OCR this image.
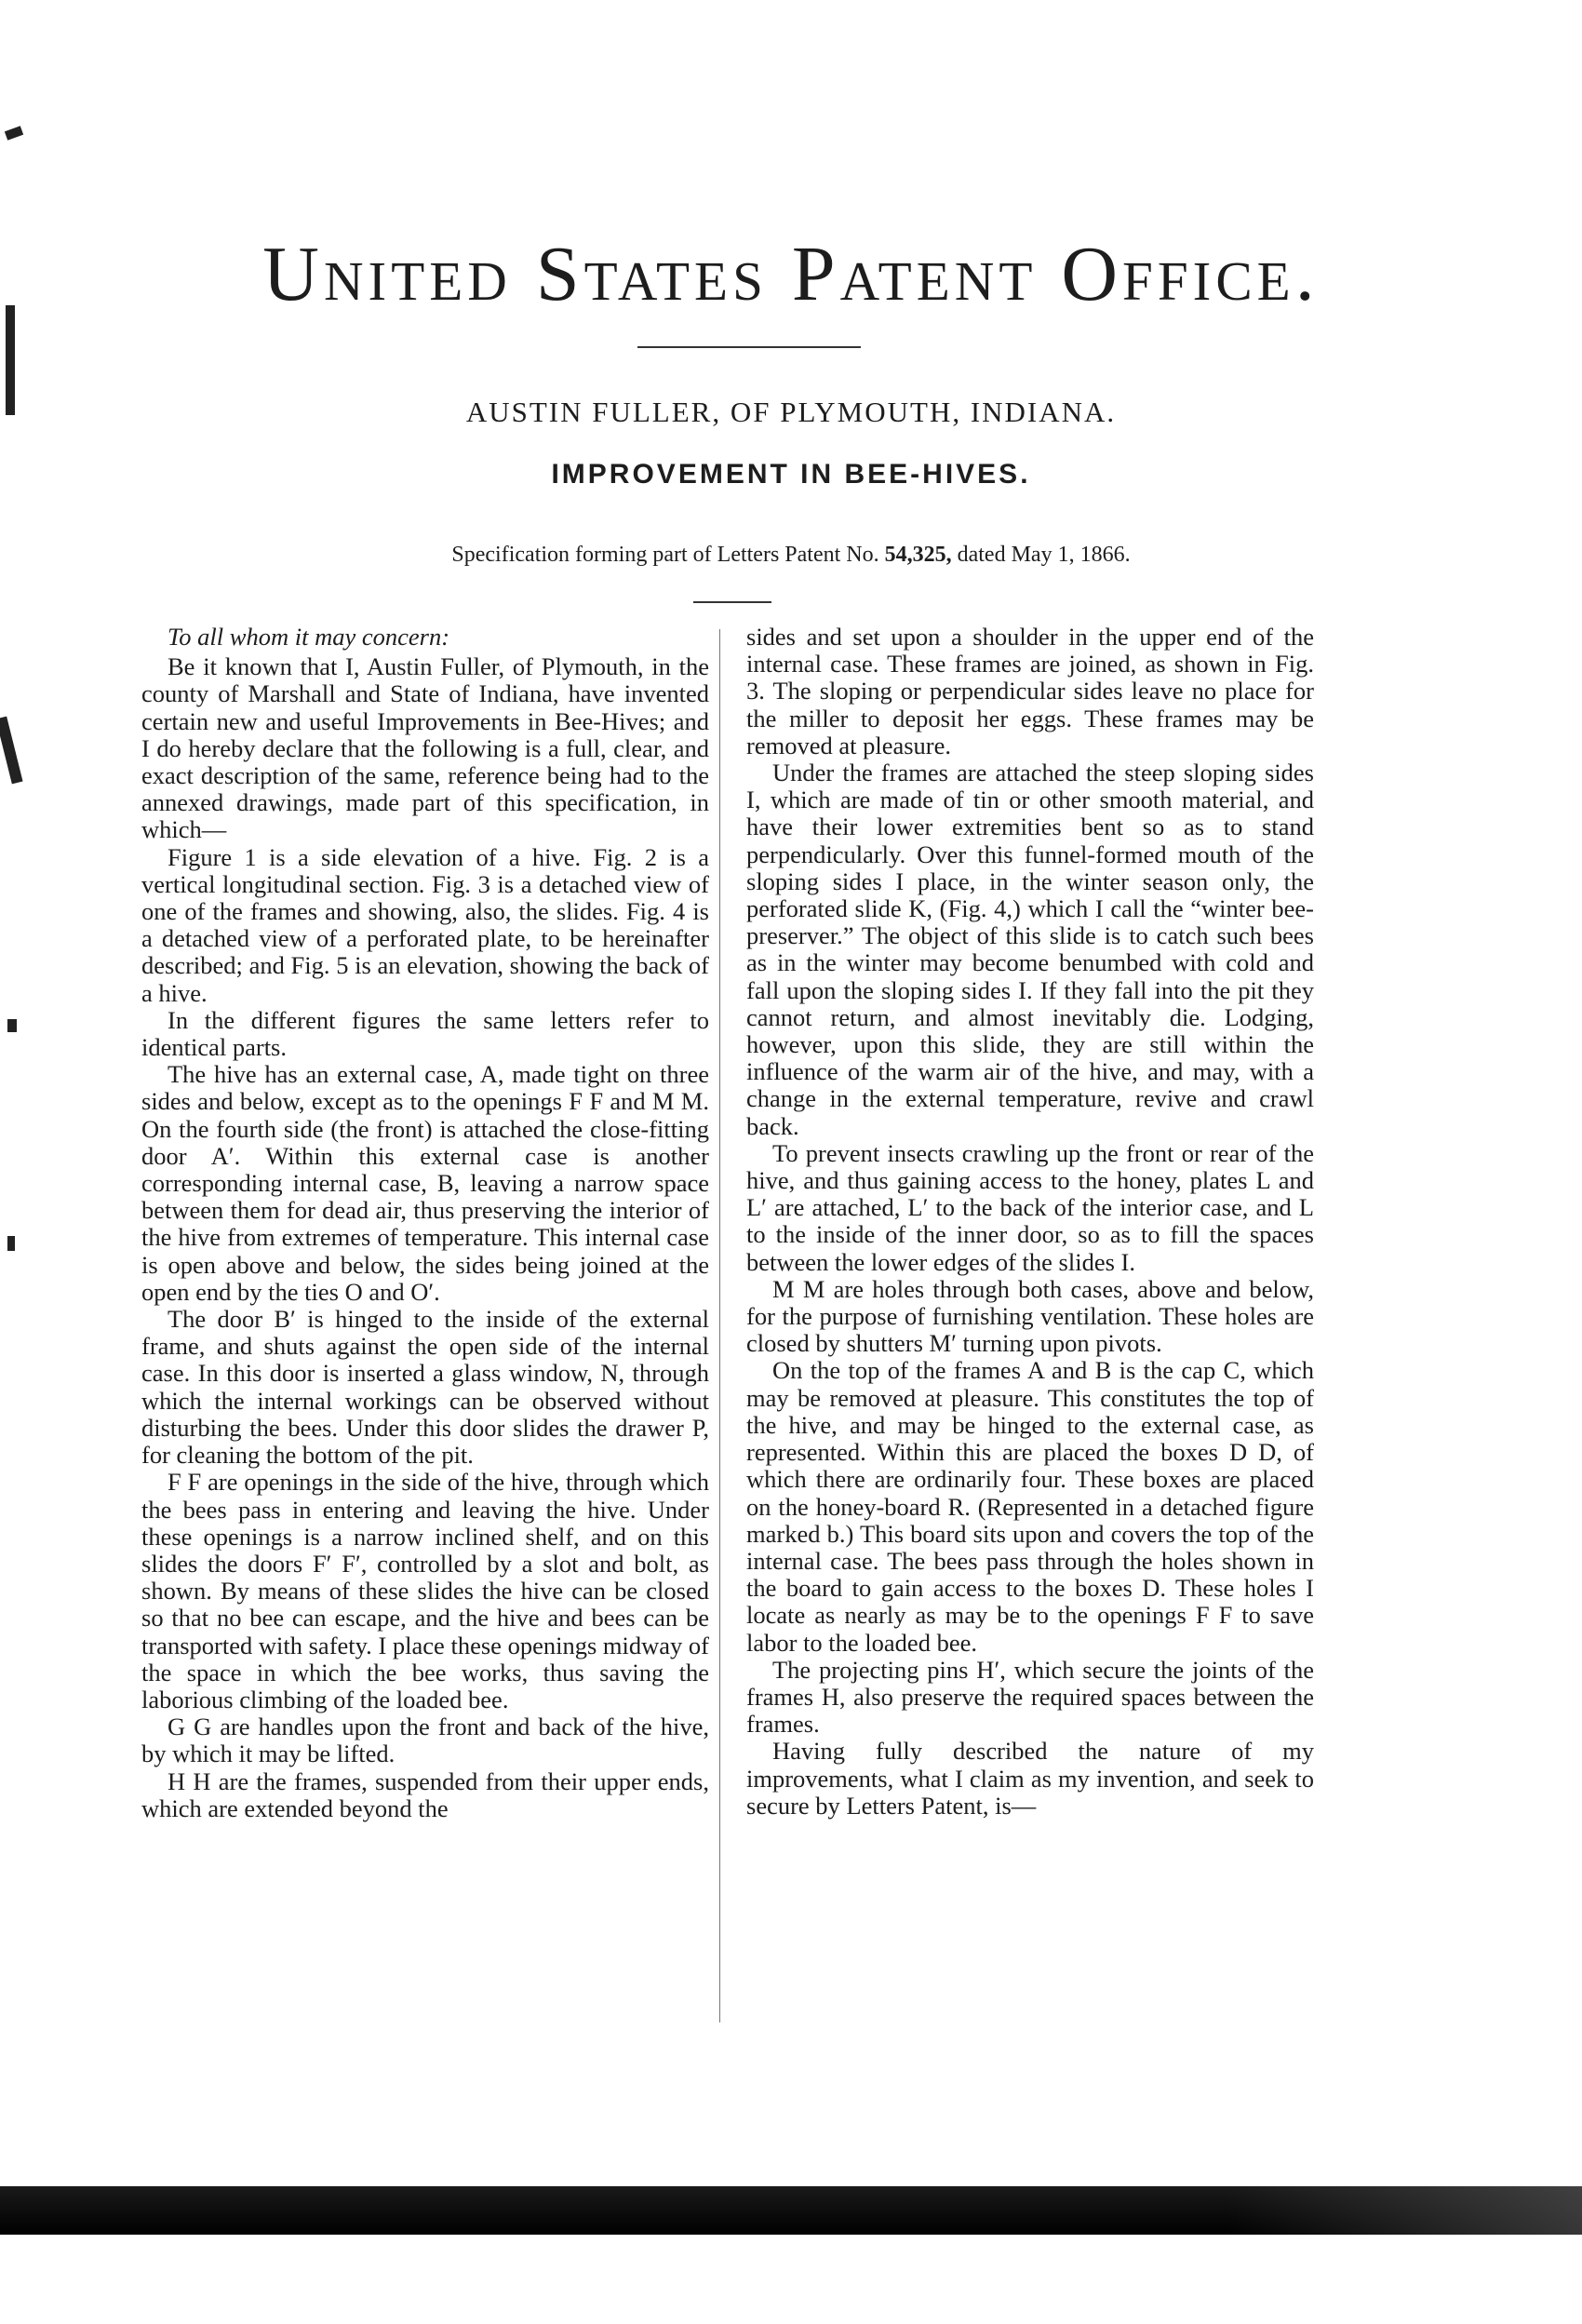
United States Patent Office.
AUSTIN FULLER, OF PLYMOUTH, INDIANA.
IMPROVEMENT IN BEE-HIVES.
Specification forming part of Letters Patent No. 54,325, dated May 1, 1866.
To all whom it may concern:

Be it known that I, Austin Fuller, of Plymouth, in the county of Marshall and State of Indiana, have invented certain new and useful Improvements in Bee-Hives; and I do hereby declare that the following is a full, clear, and exact description of the same, reference being had to the annexed drawings, made part of this specification, in which—

Figure 1 is a side elevation of a hive. Fig. 2 is a vertical longitudinal section. Fig. 3 is a detached view of one of the frames and showing, also, the slides. Fig. 4 is a detached view of a perforated plate, to be hereinafter described; and Fig. 5 is an elevation, showing the back of a hive.

In the different figures the same letters refer to identical parts.

The hive has an external case, A, made tight on three sides and below, except as to the openings F F and M M. On the fourth side (the front) is attached the close-fitting door A′. Within this external case is another corresponding internal case, B, leaving a narrow space between them for dead air, thus preserving the interior of the hive from extremes of temperature. This internal case is open above and below, the sides being joined at the open end by the ties O and O′.

The door B′ is hinged to the inside of the external frame, and shuts against the open side of the internal case. In this door is inserted a glass window, N, through which the internal workings can be observed without disturbing the bees. Under this door slides the drawer P, for cleaning the bottom of the pit.

F F are openings in the side of the hive, through which the bees pass in entering and leaving the hive. Under these openings is a narrow inclined shelf, and on this slides the doors F′ F′, controlled by a slot and bolt, as shown. By means of these slides the hive can be closed so that no bee can escape, and the hive and bees can be transported with safety. I place these openings midway of the space in which the bee works, thus saving the laborious climbing of the loaded bee.

G G are handles upon the front and back of the hive, by which it may be lifted.

H H are the frames, suspended from their upper ends, which are extended beyond the

sides and set upon a shoulder in the upper end of the internal case. These frames are joined, as shown in Fig. 3. The sloping or perpendicular sides leave no place for the miller to deposit her eggs. These frames may be removed at pleasure.

Under the frames are attached the steep sloping sides I, which are made of tin or other smooth material, and have their lower extremities bent so as to stand perpendicularly. Over this funnel-formed mouth of the sloping sides I place, in the winter season only, the perforated slide K, (Fig. 4,) which I call the “winter bee-preserver.” The object of this slide is to catch such bees as in the winter may become benumbed with cold and fall upon the sloping sides I. If they fall into the pit they cannot return, and almost inevitably die. Lodging, however, upon this slide, they are still within the influence of the warm air of the hive, and may, with a change in the external temperature, revive and crawl back.

To prevent insects crawling up the front or rear of the hive, and thus gaining access to the honey, plates L and L′ are attached, L′ to the back of the interior case, and L to the inside of the inner door, so as to fill the spaces between the lower edges of the slides I.

M M are holes through both cases, above and below, for the purpose of furnishing ventilation. These holes are closed by shutters M′ turning upon pivots.

On the top of the frames A and B is the cap C, which may be removed at pleasure. This constitutes the top of the hive, and may be hinged to the external case, as represented. Within this are placed the boxes D D, of which there are ordinarily four. These boxes are placed on the honey-board R. (Represented in a detached figure marked b.) This board sits upon and covers the top of the internal case. The bees pass through the holes shown in the board to gain access to the boxes D. These holes I locate as nearly as may be to the openings F F to save labor to the loaded bee.

The projecting pins H′, which secure the joints of the frames H, also preserve the required spaces between the frames.

Having fully described the nature of my improvements, what I claim as my invention, and seek to secure by Letters Patent, is—
